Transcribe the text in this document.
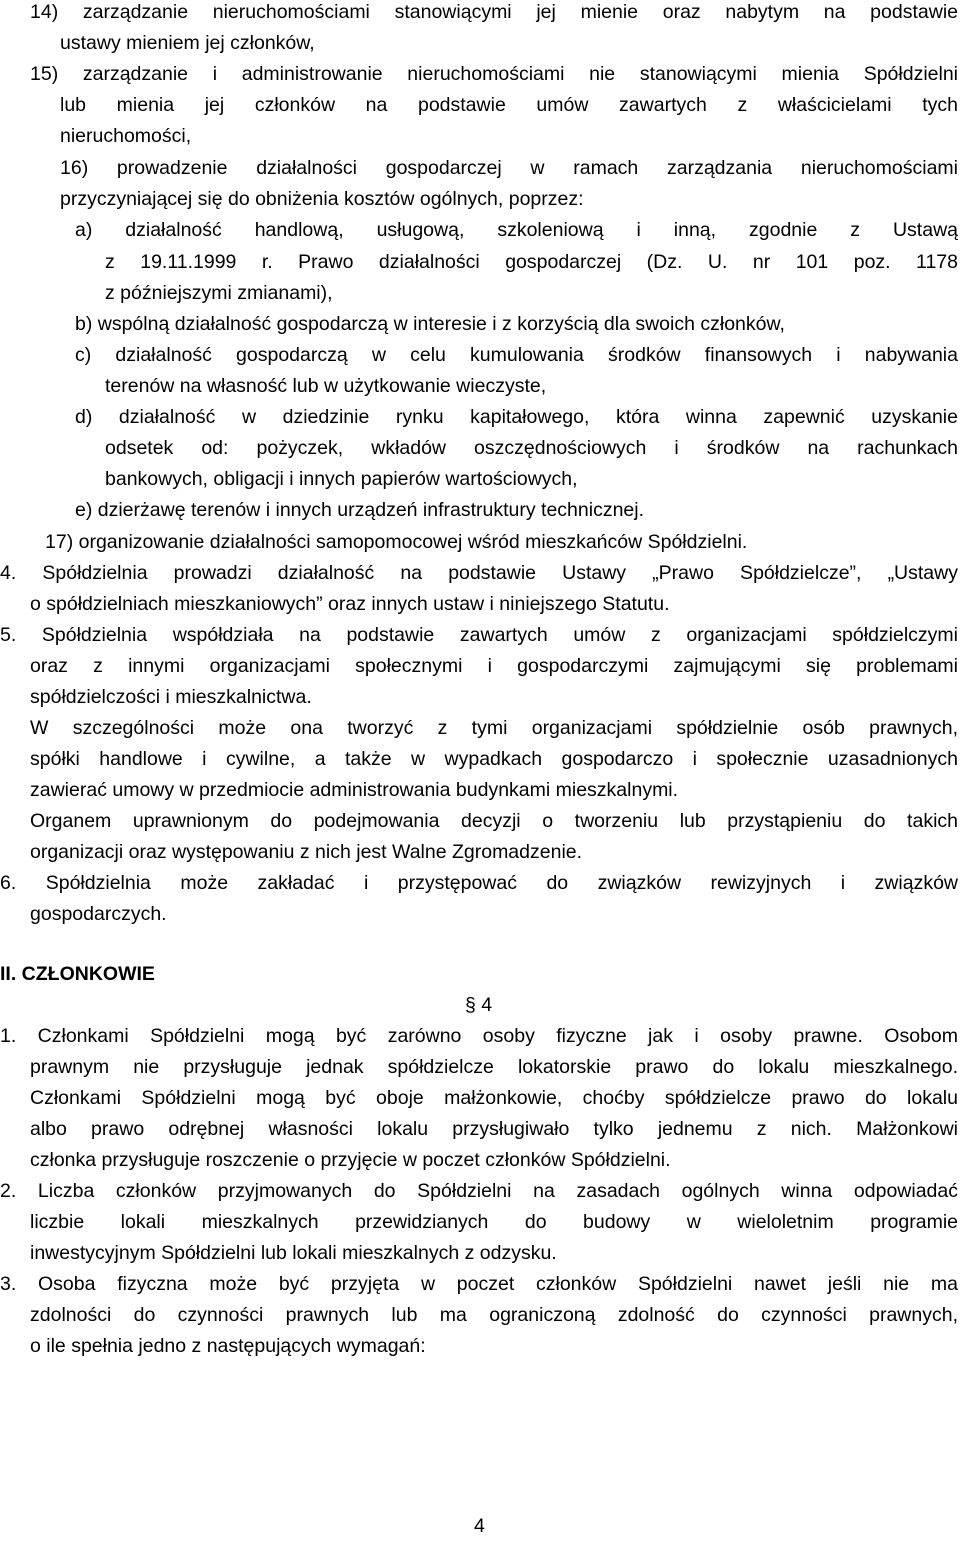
14) zarządzanie nieruchomościami stanowiącymi jej mienie oraz nabytym na podstawie
ustawy mieniem jej członków,
15) zarządzanie i administrowanie nieruchomościami nie stanowiącymi mienia Spółdzielni
lub mienia jej członków na podstawie umów zawartych z właścicielami tych
nieruchomości,
16) prowadzenie działalności gospodarczej w ramach zarządzania nieruchomościami
przyczyniającej się do obniżenia kosztów ogólnych, poprzez:
a) działalność handlową, usługową, szkoleniową i inną, zgodnie z Ustawą
z 19.11.1999 r. Prawo działalności gospodarczej (Dz. U. nr 101 poz. 1178
z późniejszymi zmianami),
b) wspólną działalność gospodarczą w interesie i z korzyścią dla swoich członków,
c) działalność gospodarczą w celu kumulowania środków finansowych i nabywania
terenów na własność lub w użytkowanie wieczyste,
d) działalność w dziedzinie rynku kapitałowego, która winna zapewnić uzyskanie
odsetek od: pożyczek, wkładów oszczędnościowych i środków na rachunkach
bankowych, obligacji i innych papierów wartościowych,
e) dzierżawę terenów i innych urządzeń infrastruktury technicznej.
17) organizowanie działalności samopomocowej wśród mieszkańców Spółdzielni.
4. Spółdzielnia prowadzi działalność na podstawie Ustawy „Prawo Spółdzielcze”, „Ustawy
o spółdzielniach mieszkaniowych” oraz innych ustaw i niniejszego Statutu.
5. Spółdzielnia współdziała na podstawie zawartych umów z organizacjami spółdzielczymi
oraz z innymi organizacjami społecznymi i gospodarczymi zajmującymi się problemami
spółdzielczości i mieszkalnictwa.
W szczególności może ona tworzyć z tymi organizacjami spółdzielnie osób prawnych,
spółki handlowe i cywilne, a także w wypadkach gospodarczo i społecznie uzasadnionych
zawierać umowy w przedmiocie administrowania budynkami mieszkalnymi.
Organem uprawnionym do podejmowania decyzji o tworzeniu lub przystąpieniu do takich
organizacji oraz występowaniu z nich jest Walne Zgromadzenie.
6. Spółdzielnia może zakładać i przystępować do związków rewizyjnych i związków
gospodarczych.
II. CZŁONKOWIE
§ 4
1. Członkami Spółdzielni mogą być zarówno osoby fizyczne jak i osoby prawne. Osobom
prawnym nie przysługuje jednak spółdzielcze lokatorskie prawo do lokalu mieszkalnego.
Członkami Spółdzielni mogą być oboje małżonkowie, choćby spółdzielcze prawo do lokalu
albo prawo odrębnej własności lokalu przysługiwało tylko jednemu z nich. Małżonkowi
członka przysługuje roszczenie o przyjęcie w poczet członków Spółdzielni.
2. Liczba członków przyjmowanych do Spółdzielni na zasadach ogólnych winna odpowiadać
liczbie lokali mieszkalnych przewidzianych do budowy w wieloletnim programie
inwestycyjnym Spółdzielni lub lokali mieszkalnych z odzysku.
3. Osoba fizyczna może być przyjęta w poczet członków Spółdzielni nawet jeśli nie ma
zdolności do czynności prawnych lub ma ograniczoną zdolność do czynności prawnych,
o ile spełnia jedno z następujących wymagań:
4
